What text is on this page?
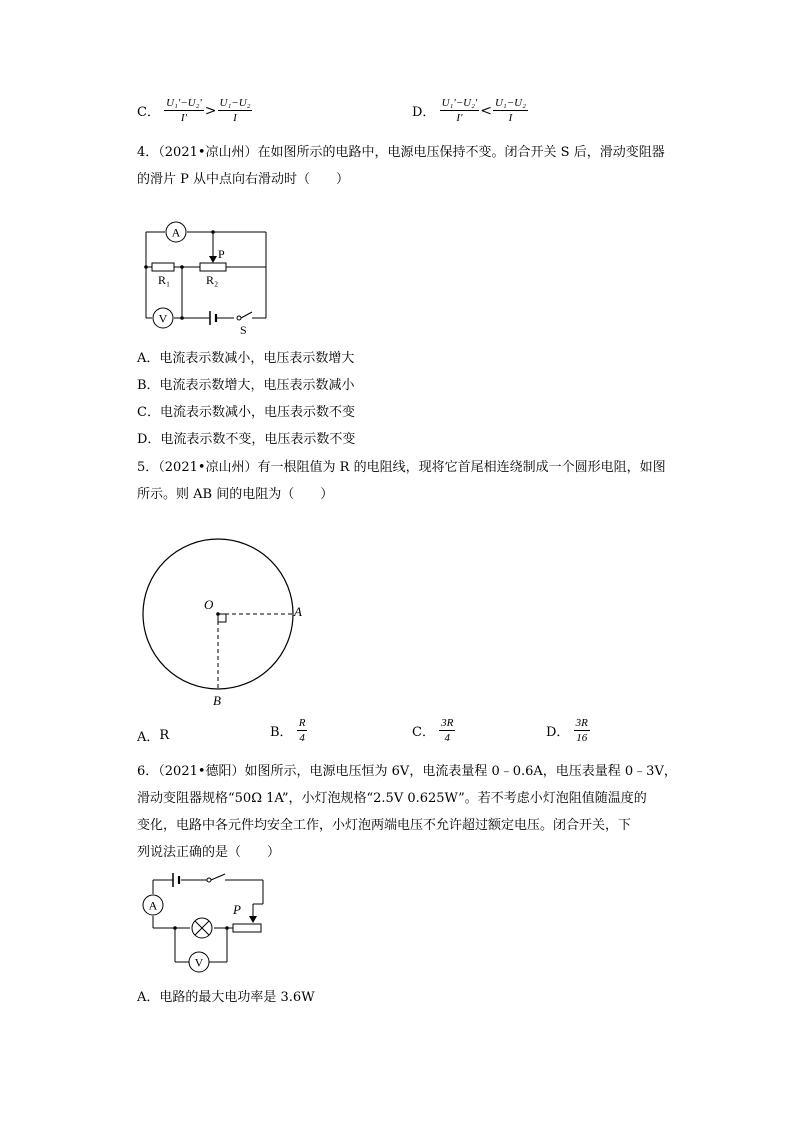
C． $\frac{\text{U₁'−U₂'}}{I'} > \frac{\text{U₁−U₂}}{I}$	D． $\frac{\text{U₁'−U₂'}}{I'} < \frac{\text{U₁−U₂}}{I}$
4．（2021•凉山州）在如图所示的电路中，电源电压保持不变。闭合开关 S 后，滑动变阻器
的滑片 P 从中点向右滑动时（　　）
A
V
P
R₁	R₂
S
A．电流表示数减小，电压表示数增大
B．电流表示数增大，电压表示数减小
C．电流表示数减小，电压表示数不变
D．电流表示数不变，电压表示数不变
5．（2021•凉山州）有一根阻值为 R 的电阻线，现将它首尾相连绕制成一个圆形电阻，如图
所示。则 AB 间的电阻为（　　）
O	A
B
A．R	B． $\frac{R}{4}$	C． $\frac{3R}{4}$	D． $\frac{3R}{16}$
6．（2021•德阳）如图所示，电源电压恒为 6V，电流表量程 0﹣0.6A，电压表量程 0﹣3V，
滑动变阻器规格“50Ω 1A”，小灯泡规格“2.5V 0.625W”。若不考虑小灯泡阻值随温度的
变化，电路中各元件均安全工作，小灯泡两端电压不允许超过额定电压。闭合开关，下
列说法正确的是（　　）
A
V
P
A．电路的最大电功率是 3.6W
